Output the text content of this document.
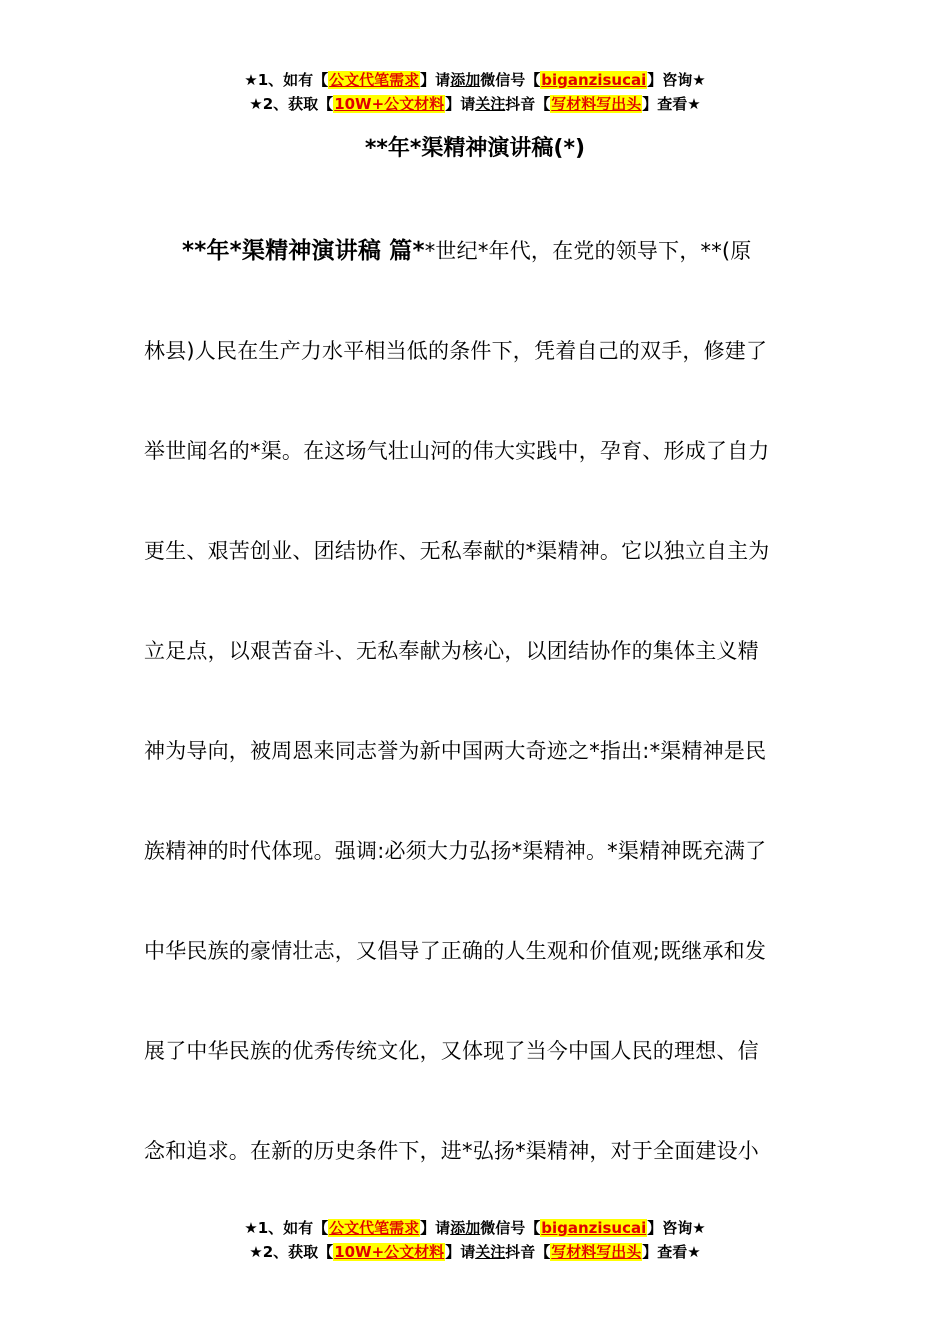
★1、如有【公文代笔需求】请添加微信号【biganzisucai】咨询★
★2、获取【10W+公文材料】请关注抖音【写材料写出头】查看★
**年*渠精神演讲稿(*)
**年*渠精神演讲稿 篇**世纪*年代，在党的领导下，**(原
林县)人民在生产力水平相当低的条件下，凭着自己的双手，修建了
举世闻名的*渠。在这场气壮山河的伟大实践中，孕育、形成了自力
更生、艰苦创业、团结协作、无私奉献的*渠精神。它以独立自主为
立足点，以艰苦奋斗、无私奉献为核心，以团结协作的集体主义精
神为导向，被周恩来同志誉为新中国两大奇迹之*指出:*渠精神是民
族精神的时代体现。强调:必须大力弘扬*渠精神。*渠精神既充满了
中华民族的豪情壮志，又倡导了正确的人生观和价值观;既继承和发
展了中华民族的优秀传统文化，又体现了当今中国人民的理想、信
念和追求。在新的历史条件下，进*弘扬*渠精神，对于全面建设小
★1、如有【公文代笔需求】请添加微信号【biganzisucai】咨询★
★2、获取【10W+公文材料】请关注抖音【写材料写出头】查看★
